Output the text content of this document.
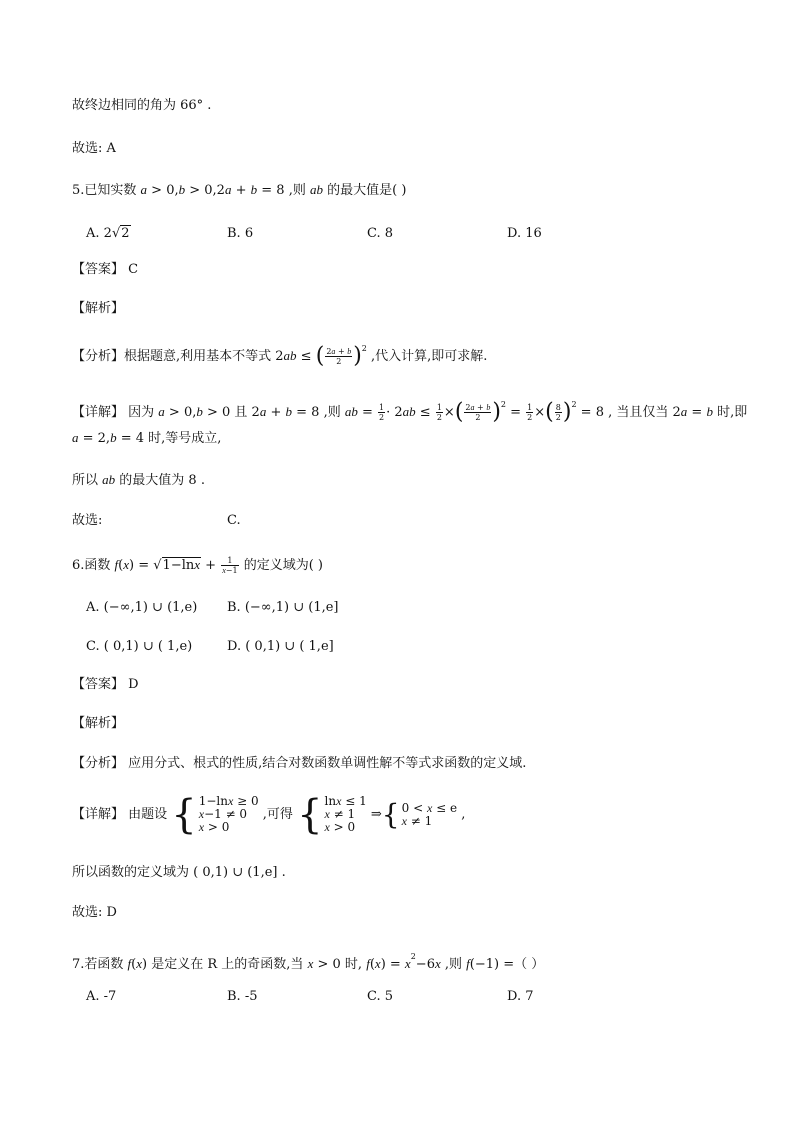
故终边相同的角为 66° .
故选: A
5.已知实数 a > 0,b > 0,2a + b = 8 ,则 ab 的最大值是( )
A. 2√2	B. 6	C. 8	D. 16
【答案】 C
【解析】
【分析】根据题意,利用基本不等式 2ab ≤ ( $\frac{2a + b}{2} )^2$ ,代入计算,即可求解.
【详解】 因为 a > 0,b > 0 且 2a + b = 8 ,则 ab = $\frac{1}{2} \cdot 2ab \le \frac{1}{2}$ ×( $\frac{2a + b}{2} )^2 = \frac{1}{2}$ ×( $\frac{8}{2} )^2 = 8$ , 当且仅当 2a = b 时,即
a = 2,b = 4 时,等号成立,
所以 ab 的最大值为 8 .
故选:	C.
6.函数 $f(x) = √1-\ln x + \frac{1}{x-1}$ 的定义域为( )
A. (−∞,1) ∪ (1,e) B. (−∞,1) ∪ (1,e]
C. ( 0,1) ∪ ( 1,e)	D. ( 0,1) ∪ ( 1,e]
【答案】 D
【解析】
【分析】 应用分式、根式的性质,结合对数函数单调性解不等式求函数的定义域.
【详解】 由题设 { 1−lnx ≥ 0
x−1 ≠ 0
x > 0 ,可得 { lnx ≤ 1
x ≠ 1
x > 0 ⇒{ 0 < x ≤ e
x ≠ 1 ,
所以函数的定义域为 ( 0,1) ∪ (1,e] .
故选: D
7.若函数 f(x) 是定义在 R 上的奇函数,当 x > 0 时, $f(x) = x^2-6x$ ,则 f(−1) =（ ）
A. -7	B. -5	C. 5	D. 7
